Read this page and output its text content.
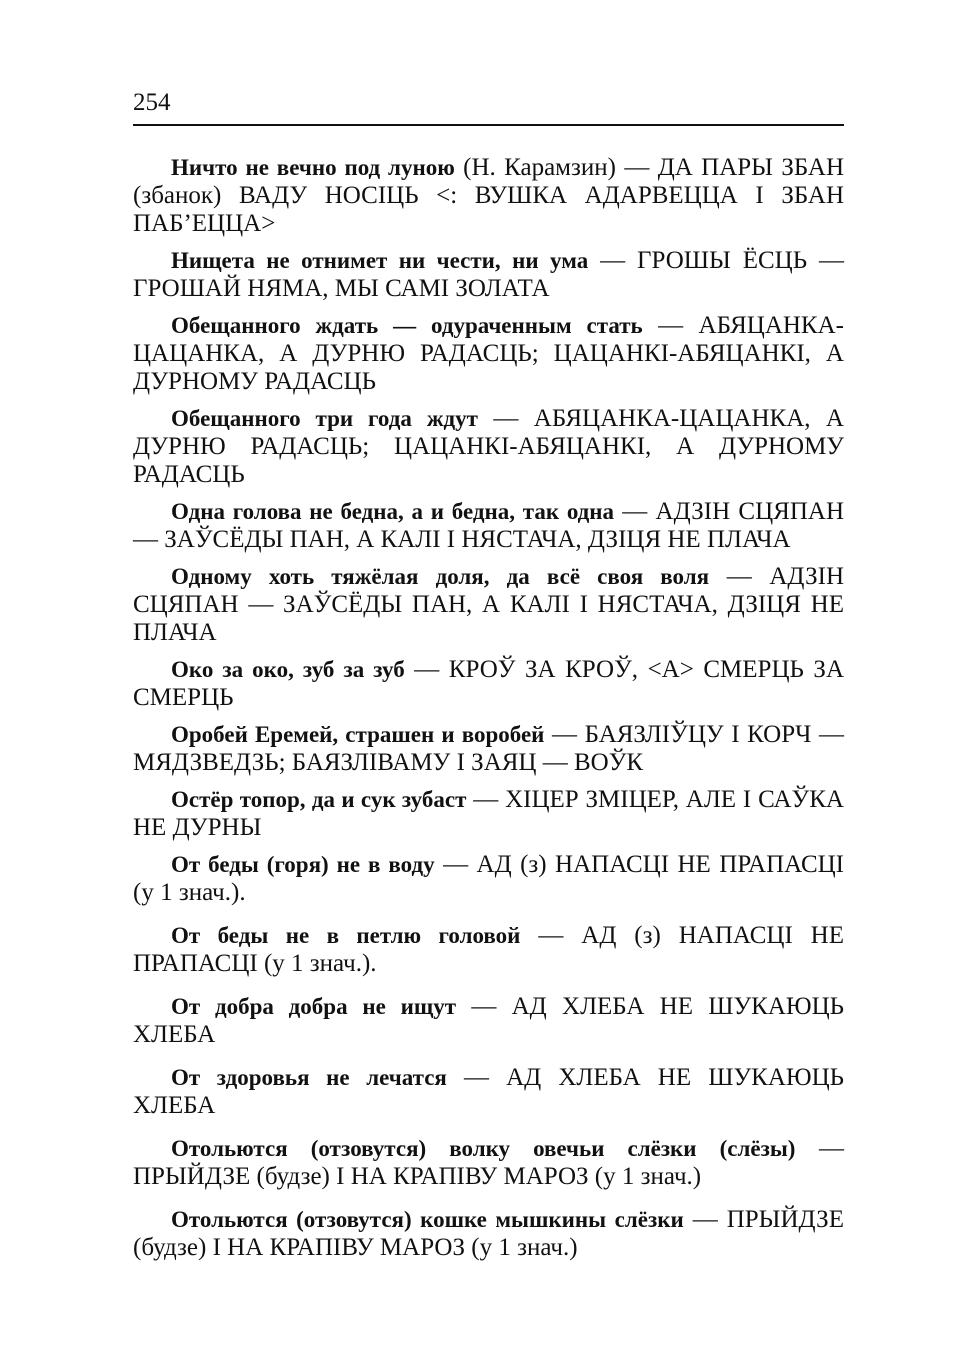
254

Ничто не вечно под луною (Н. Карамзин) — ДА ПАРЫ ЗБАН (збанок) ВАДУ НОСІЦЬ <: ВУШКА АДАРВЕЦЦА І ЗБАН ПАБ’ЕЦЦА>

Нищета не отнимет ни чести, ни ума — ГРОШЫ ЁСЦЬ — ГРОШАЙ НЯМА, МЫ САМІ ЗОЛАТА

Обещанного ждать — одураченным стать — АБЯЦАНКА-ЦАЦАНКА, А ДУРНЮ РАДАСЦЬ; ЦАЦАНКІ-АБЯЦАНКІ, А ДУРНОМУ РАДАСЦЬ

Обещанного три года ждут — АБЯЦАНКА-ЦАЦАНКА, А ДУРНЮ РАДАСЦЬ; ЦАЦАНКІ-АБЯЦАНКІ, А ДУРНОМУ РАДАСЦЬ

Одна голова не бедна, а и бедна, так одна — АДЗІН СЦЯПАН — ЗАЎСЁДЫ ПАН, А КАЛІ І НЯСТАЧА, ДЗІЦЯ НЕ ПЛАЧА

Одному хоть тяжёлая доля, да всё своя воля — АДЗІН СЦЯПАН — ЗАЎСЁДЫ ПАН, А КАЛІ І НЯСТАЧА, ДЗІЦЯ НЕ ПЛАЧА

Око за око, зуб за зуб — КРОЎ ЗА КРОЎ, <А> СМЕРЦЬ ЗА СМЕРЦЬ

Оробей Еремей, страшен и воробей — БАЯЗЛІЎЦУ І КОРЧ — МЯДЗВЕДЗЬ; БАЯЗЛІВАМУ І ЗАЯЦ — ВОЎК

Остёр топор, да и сук зубаст — ХІЦЕР ЗМІЦЕР, АЛЕ І САЎКА НЕ ДУРНЫ

От беды (горя) не в воду — АД (з) НАПАСЦІ НЕ ПРАПАСЦІ (у 1 знач.).

От беды не в петлю головой — АД (з) НАПАСЦІ НЕ ПРАПАСЦІ (у 1 знач.).

От добра добра не ищут — АД ХЛЕБА НЕ ШУКАЮЦЬ ХЛЕБА

От здоровья не лечатся — АД ХЛЕБА НЕ ШУКАЮЦЬ ХЛЕБА

Отольются (отзовутся) волку овечьи слёзки (слёзы) — ПРЫЙДЗЕ (будзе) І НА КРАПІВУ МАРОЗ (у 1 знач.)

Отольются (отзовутся) кошке мышкины слёзки — ПРЫЙДЗЕ (будзе) І НА КРАПІВУ МАРОЗ (у 1 знач.)
